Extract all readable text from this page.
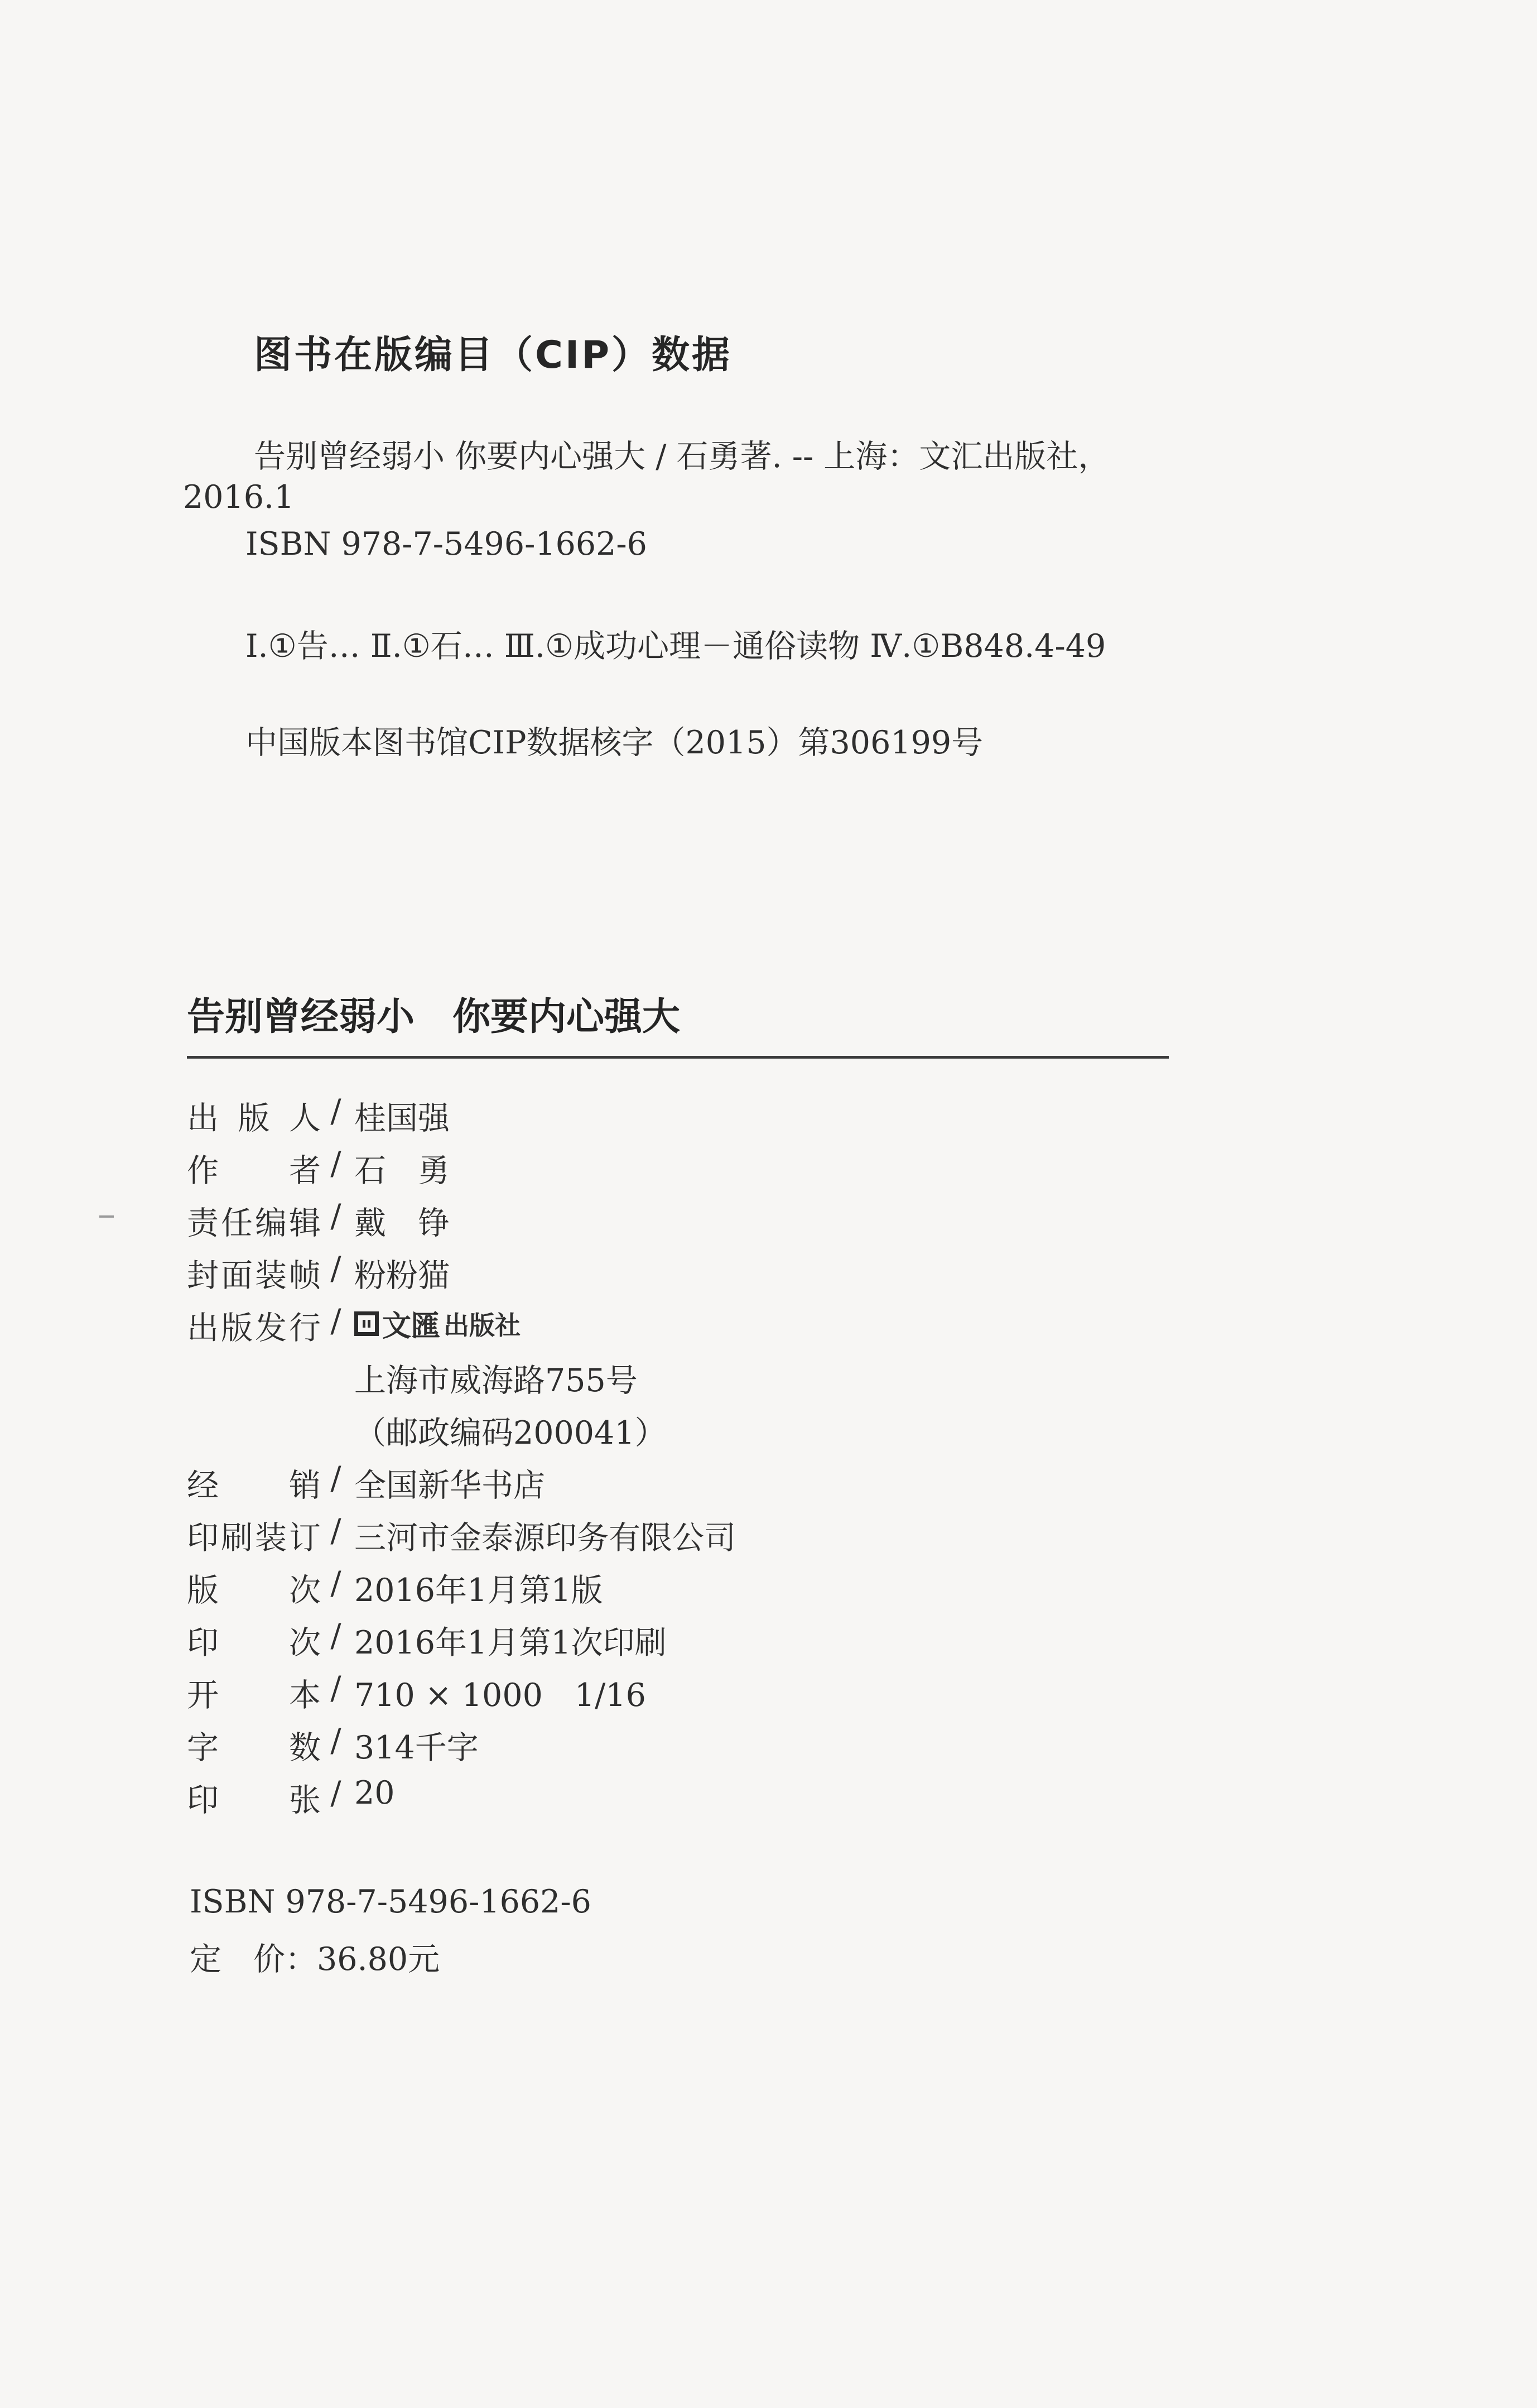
图书在版编目（CIP）数据
告别曾经弱小 你要内心强大 / 石勇著. -- 上海：文汇出版社，
2016.1
ISBN 978-7-5496-1662-6
Ⅰ.①告… Ⅱ.①石… Ⅲ.①成功心理－通俗读物 Ⅳ.①B848.4-49
中国版本图书馆CIP数据核字（2015）第306199号
告别曾经弱小　你要内心强大
出 版 人 / 桂国强
作 者 / 石　勇
责 任 编 辑 / 戴　铮
封 面 装 帧 / 粉粉猫
出 版 发 行 / 文匯 出版社
上海市威海路755号
（邮政编码200041）
经 销 / 全国新华书店
印 刷 装 订 / 三河市金泰源印务有限公司
版 次 / 2016年1月第1版
印 次 / 2016年1月第1次印刷
开 本 / 710 × 1000　1/16
字 数 / 314千字
印 张 / 20
ISBN 978-7-5496-1662-6
定　价：36.80元
